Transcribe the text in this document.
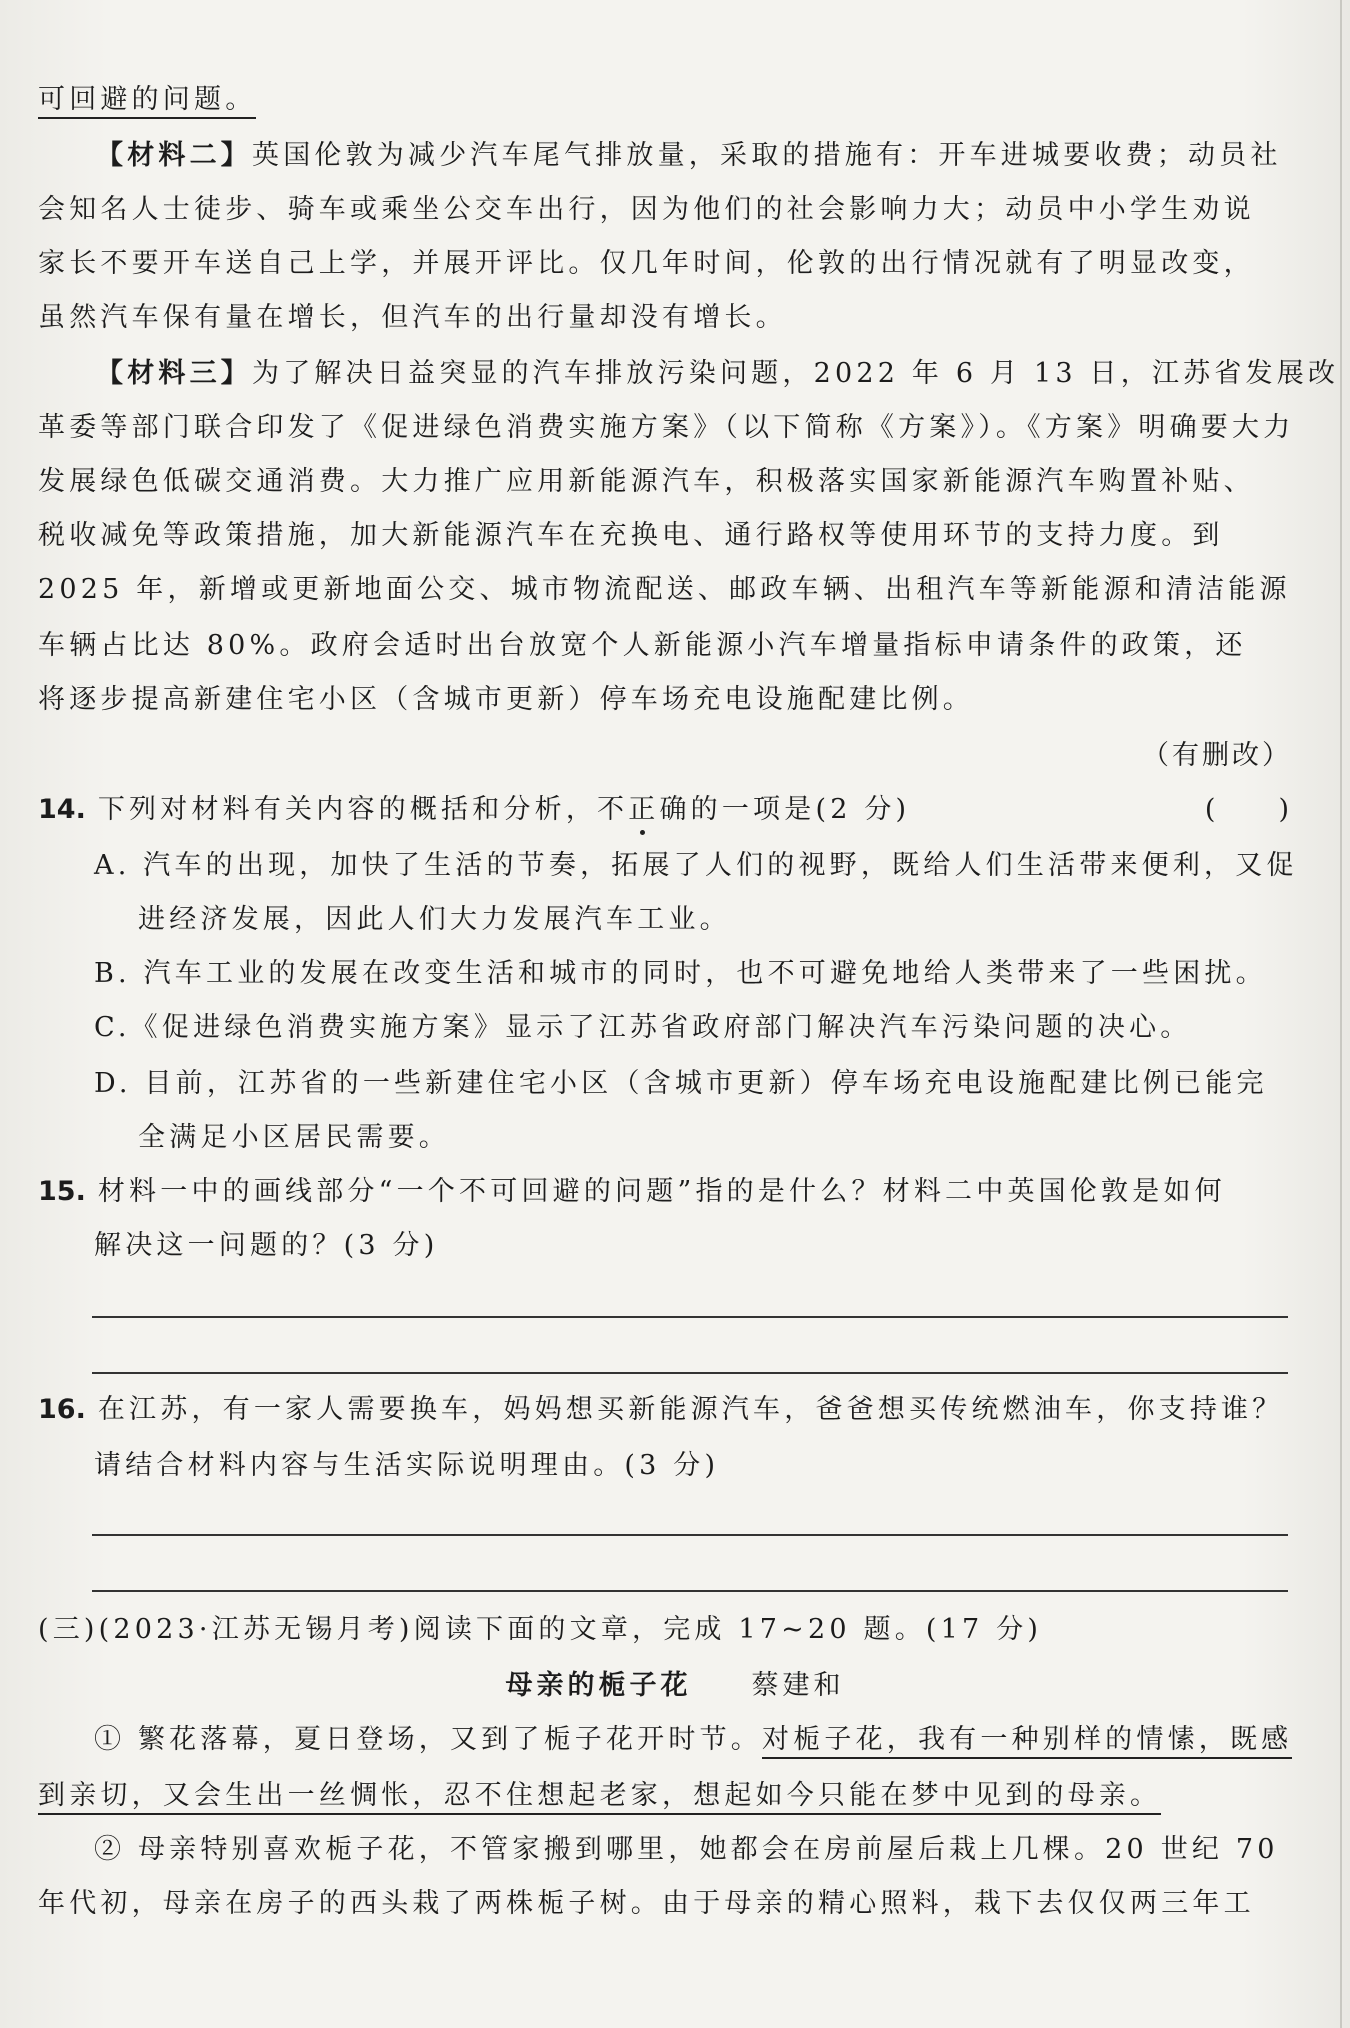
可回避的问题。
【材料二】英国伦敦为减少汽车尾气排放量，采取的措施有：开车进城要收费；动员社
会知名人士徒步、骑车或乘坐公交车出行，因为他们的社会影响力大；动员中小学生劝说
家长不要开车送自己上学，并展开评比。仅几年时间，伦敦的出行情况就有了明显改变，
虽然汽车保有量在增长，但汽车的出行量却没有增长。
【材料三】为了解决日益突显的汽车排放污染问题，2022 年 6 月 13 日，江苏省发展改
革委等部门联合印发了《促进绿色消费实施方案》（以下简称《方案》）。《方案》明确要大力
发展绿色低碳交通消费。大力推广应用新能源汽车，积极落实国家新能源汽车购置补贴、
税收减免等政策措施，加大新能源汽车在充换电、通行路权等使用环节的支持力度。到
2025 年，新增或更新地面公交、城市物流配送、邮政车辆、出租汽车等新能源和清洁能源
车辆占比达 80%。政府会适时出台放宽个人新能源小汽车增量指标申请条件的政策，还
将逐步提高新建住宅小区（含城市更新）停车场充电设施配建比例。
（有删改）
14. 下列对材料有关内容的概括和分析，不正确的一项是(2 分)	(　　)
A. 汽车的出现，加快了生活的节奏，拓展了人们的视野，既给人们生活带来便利，又促
进经济发展，因此人们大力发展汽车工业。
B. 汽车工业的发展在改变生活和城市的同时，也不可避免地给人类带来了一些困扰。
C.《促进绿色消费实施方案》显示了江苏省政府部门解决汽车污染问题的决心。
D. 目前，江苏省的一些新建住宅小区（含城市更新）停车场充电设施配建比例已能完
全满足小区居民需要。
15. 材料一中的画线部分“一个不可回避的问题”指的是什么？材料二中英国伦敦是如何
解决这一问题的？(3 分)
16. 在江苏，有一家人需要换车，妈妈想买新能源汽车，爸爸想买传统燃油车，你支持谁？
请结合材料内容与生活实际说明理由。(3 分)
(三)(2023·江苏无锡月考)阅读下面的文章，完成 17~20 题。(17 分)
母亲的栀子花 蔡建和
① 繁花落幕，夏日登场，又到了栀子花开时节。对栀子花，我有一种别样的情愫，既感
到亲切，又会生出一丝惆怅，忍不住想起老家，想起如今只能在梦中见到的母亲。
② 母亲特别喜欢栀子花，不管家搬到哪里，她都会在房前屋后栽上几棵。20 世纪 70
年代初，母亲在房子的西头栽了两株栀子树。由于母亲的精心照料，栽下去仅仅两三年工
